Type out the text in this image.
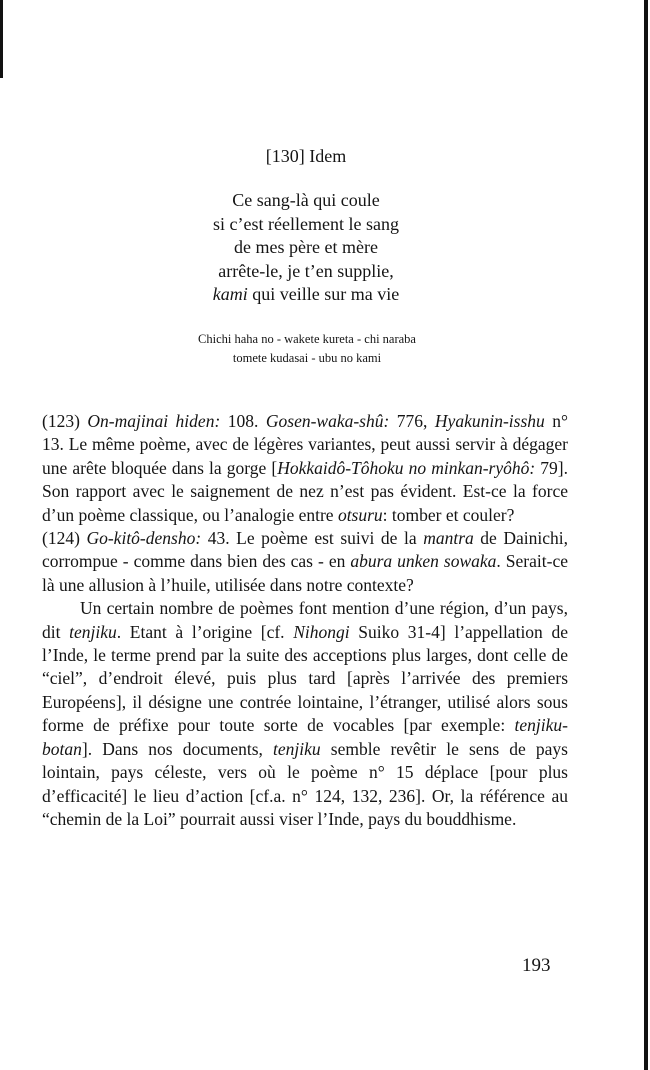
[130] Idem
Ce sang-là qui coule
si c’est réellement le sang
de mes père et mère
arrête-le, je t’en supplie,
kami qui veille sur ma vie
Chichi haha no - wakete kureta - chi naraba
tomete kudasai - ubu no kami

(123) On-majinai hiden: 108. Gosen-waka-shû: 776, Hyakunin-isshu n° 13. Le même poème, avec de légères variantes, peut aussi servir à dégager une arête bloquée dans la gorge [Hokkaidô-Tôhoku no minkan-ryôhô: 79]. Son rapport avec le saignement de nez n’est pas évident. Est-ce la force d’un poème classique, ou l’analogie entre otsuru: tomber et couler?

(124) Go-kitô-densho: 43. Le poème est suivi de la mantra de Dainichi, corrompue - comme dans bien des cas - en abura unken sowaka. Serait-ce là une allusion à l’huile, utilisée dans notre contexte?

Un certain nombre de poèmes font mention d’une région, d’un pays, dit tenjiku. Etant à l’origine [cf. Nihongi Suiko 31-4] l’appellation de l’Inde, le terme prend par la suite des acceptions plus larges, dont celle de “ciel”, d’endroit élevé, puis plus tard [après l’arrivée des premiers Européens], il désigne une contrée lointaine, l’étranger, utilisé alors sous forme de préfixe pour toute sorte de vocables [par exemple: tenjiku-botan]. Dans nos documents, tenjiku semble revêtir le sens de pays lointain, pays céleste, vers où le poème n° 15 déplace [pour plus d’efficacité] le lieu d’action [cf.a. n° 124, 132, 236]. Or, la référence au “chemin de la Loi” pourrait aussi viser l’Inde, pays du bouddhisme.

193
